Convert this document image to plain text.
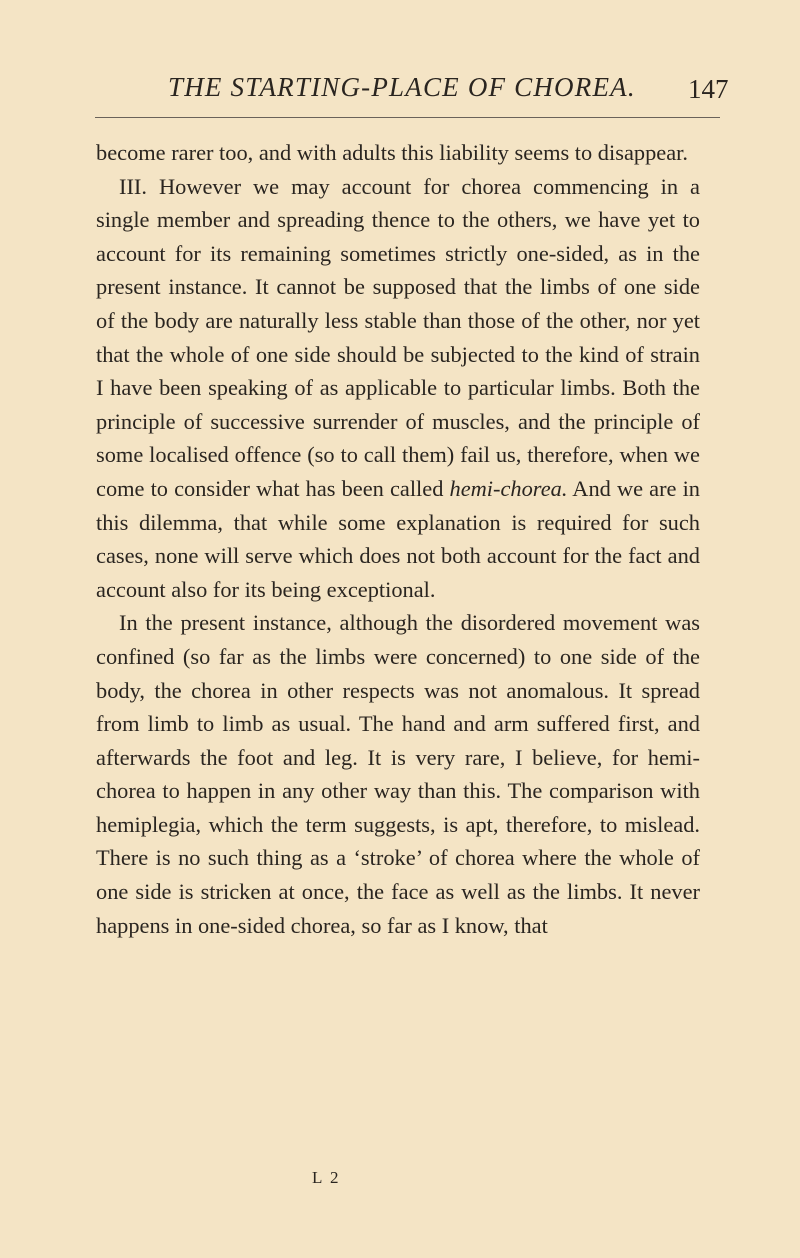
THE STARTING-PLACE OF CHOREA. 147

become rarer too, and with adults this liability seems to disappear.

III. However we may account for chorea commencing in a single member and spreading thence to the others, we have yet to account for its remaining sometimes strictly one-sided, as in the present instance. It cannot be supposed that the limbs of one side of the body are naturally less stable than those of the other, nor yet that the whole of one side should be subjected to the kind of strain I have been speaking of as applicable to particular limbs. Both the principle of successive surrender of muscles, and the principle of some localised offence (so to call them) fail us, therefore, when we come to consider what has been called hemi-chorea. And we are in this dilemma, that while some explanation is required for such cases, none will serve which does not both account for the fact and account also for its being exceptional.

In the present instance, although the disordered movement was confined (so far as the limbs were concerned) to one side of the body, the chorea in other respects was not anomalous. It spread from limb to limb as usual. The hand and arm suffered first, and afterwards the foot and leg. It is very rare, I believe, for hemi-chorea to happen in any other way than this. The comparison with hemiplegia, which the term suggests, is apt, therefore, to mislead. There is no such thing as a ‘stroke’ of chorea where the whole of one side is stricken at once, the face as well as the limbs. It never happens in one-sided chorea, so far as I know, that

L 2
